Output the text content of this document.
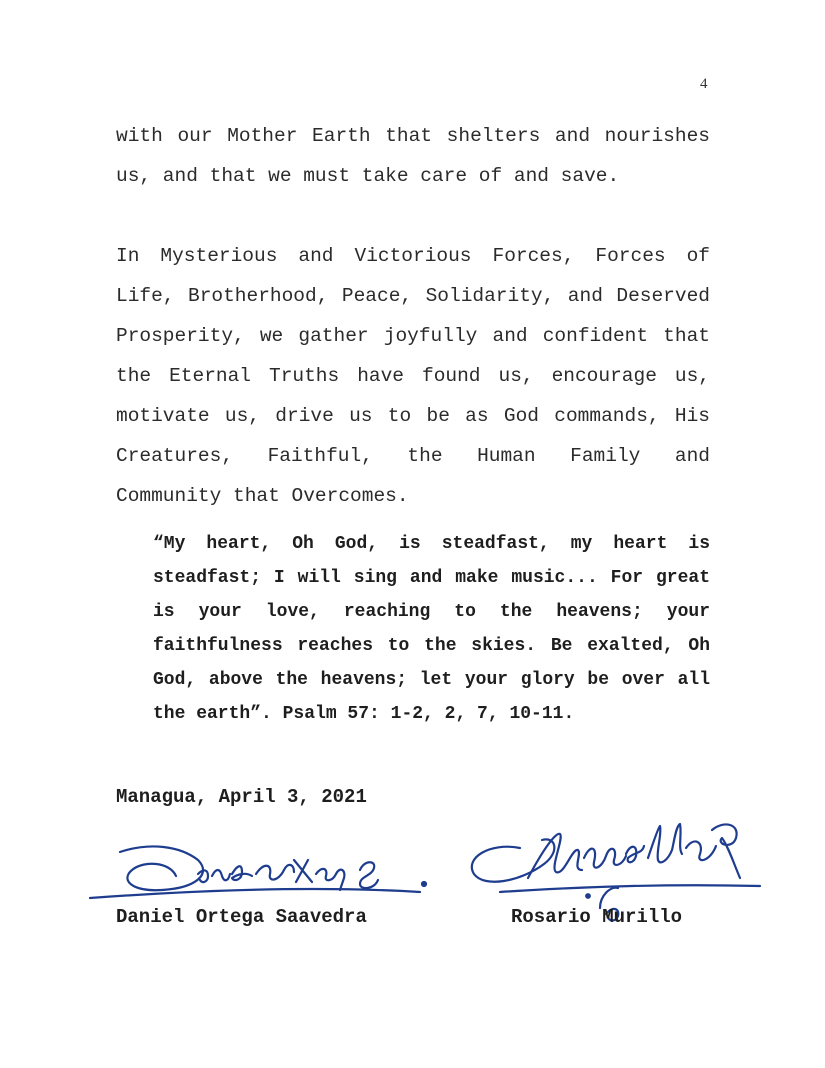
4

with our Mother Earth that shelters and nourishes us, and that we must take care of and save.

In Mysterious and Victorious Forces, Forces of Life, Brotherhood, Peace, Solidarity, and Deserved Prosperity, we gather joyfully and confident that the Eternal Truths have found us, encourage us, motivate us, drive us to be as God commands, His Creatures, Faithful, the Human Family and Community that Overcomes.

“My heart, Oh God, is steadfast, my heart is steadfast; I will sing and make music... For great is your love, reaching to the heavens; your faithfulness reaches to the skies. Be exalted, Oh God, above the heavens; let your glory be over all the earth”. Psalm 57: 1-2, 2, 7, 10-11.

Managua, April 3, 2021
Daniel Ortega Saavedra	Rosario Murillo
